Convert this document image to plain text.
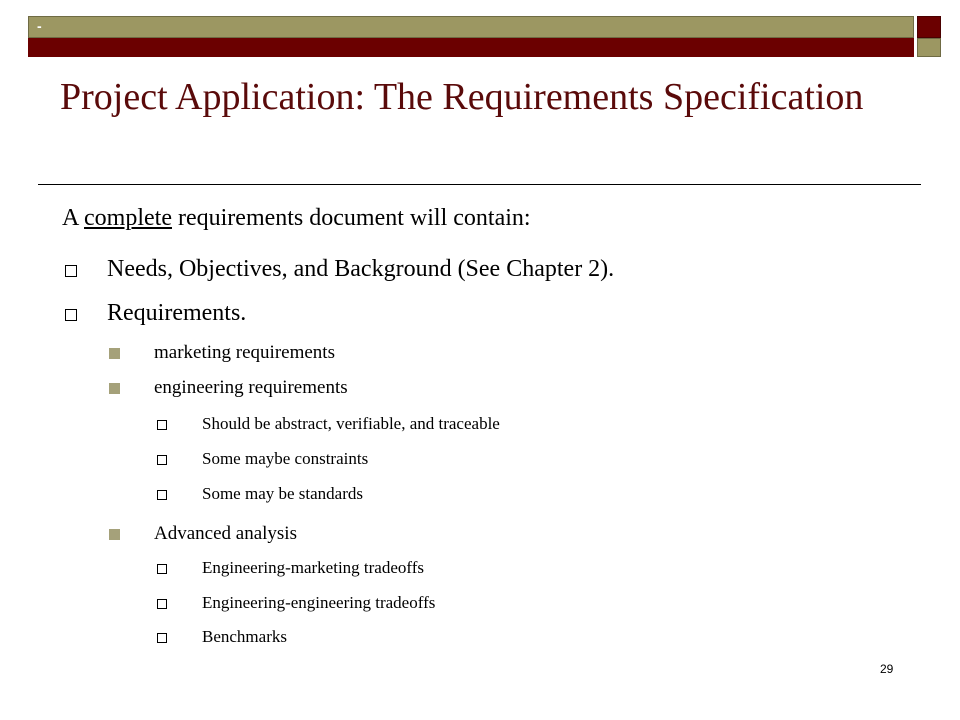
-
Project Application: The Requirements Specification
A complete requirements document will contain:
Needs, Objectives, and Background (See Chapter 2).
Requirements.
marketing requirements
engineering requirements
Should be abstract, verifiable, and traceable
Some maybe constraints
Some may be standards
Advanced analysis
Engineering-marketing tradeoffs
Engineering-engineering tradeoffs
Benchmarks
29
